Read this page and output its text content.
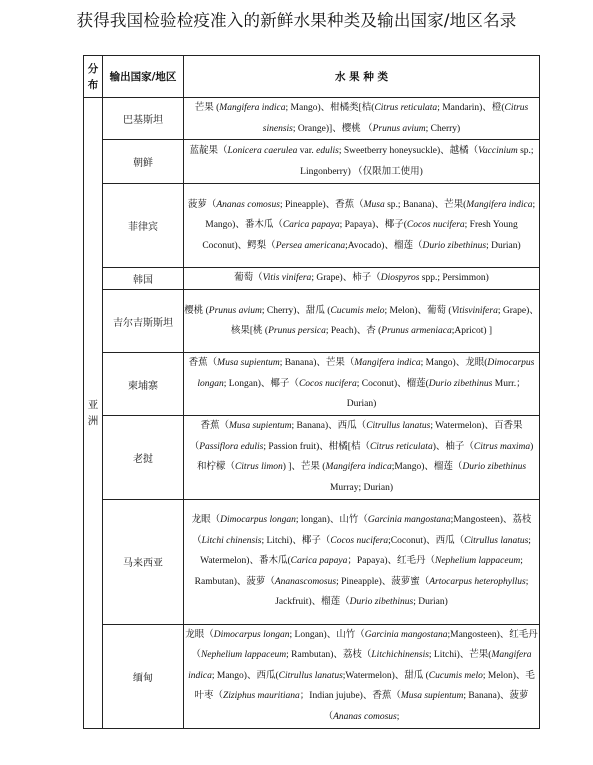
获得我国检验检疫准入的新鲜水果种类及输出国家/地区名录
分布	输出国家/地区	水 果 种 类
亚洲	巴基斯坦	芒果 (Mangifera indica; Mango)、柑橘类[桔(Citrus reticulata; Mandarin)、橙(Citrus sinensis; Orange)]、樱桃 （Prunus avium; Cherry)
	朝鲜	蓝靛果（Lonicera caerulea var. edulis; Sweetberry honeysuckle)、越橘（Vaccinium sp.; Lingonberry) （仅限加工使用)
	菲律宾	菠萝（Ananas comosus; Pineapple)、香蕉（Musa sp.; Banana)、芒果(Mangifera indica; Mango)、番木瓜（Carica papaya; Papaya)、椰子(Cocos nucifera; Fresh Young Coconut)、鳄梨（Persea americana;Avocado)、榴莲（Durio zibethinus; Durian)
	韩国	葡萄（Vitis vinifera; Grape)、柿子（Diospyros spp.; Persimmon)
	吉尔吉斯斯坦	樱桃 (Prunus avium; Cherry)、甜瓜 (Cucumis melo; Melon)、葡萄 (Vitisvinifera; Grape)、核果[桃 (Prunus persica; Peach)、杏 (Prunus armeniaca;Apricot) ]
	柬埔寨	香蕉（Musa supientum; Banana)、芒果（Mangifera indica; Mango)、龙眼(Dimocarpus longan; Longan)、椰子（Cocos nucifera; Coconut)、榴莲(Durio zibethinus Murr.； Durian)
	老挝	香蕉（Musa supientum; Banana)、西瓜（Citrullus lanatus; Watermelon)、百香果（Passiflora edulis; Passion fruit)、柑橘[桔（Citrus reticulata)、柚子（Citrus maxima) 和柠檬（Citrus limon) ]、芒果 (Mangifera indica;Mango)、榴莲（Durio zibethinus Murray; Durian)
	马来西亚	龙眼（Dimocarpus longan; longan)、山竹（Garcinia mangostana;Mangosteen)、荔枝（Litchi chinensis; Litchi)、椰子（Cocos nucifera;Coconut)、西瓜（Citrullus lanatus; Watermelon)、番木瓜(Carica papaya；Papaya)、红毛丹（Nephelium lappaceum; Rambutan)、菠萝（Ananascomosus; Pineapple)、菠萝蜜（Artocarpus heterophyllus; Jackfruit)、榴莲（Durio zibethinus; Durian)
	缅甸	龙眼（Dimocarpus longan; Longan)、山竹（Garcinia mangostana;Mangosteen)、红毛丹（Nephelium lappaceum; Rambutan)、荔枝（Litchichinensis; Litchi)、芒果(Mangifera indica; Mango)、西瓜(Citrullus lanatus;Watermelon)、甜瓜 (Cucumis melo; Melon)、毛叶枣（Ziziphus mauritiana；Indian jujube)、香蕉（Musa supientum; Banana)、菠萝（Ananas comosus;
